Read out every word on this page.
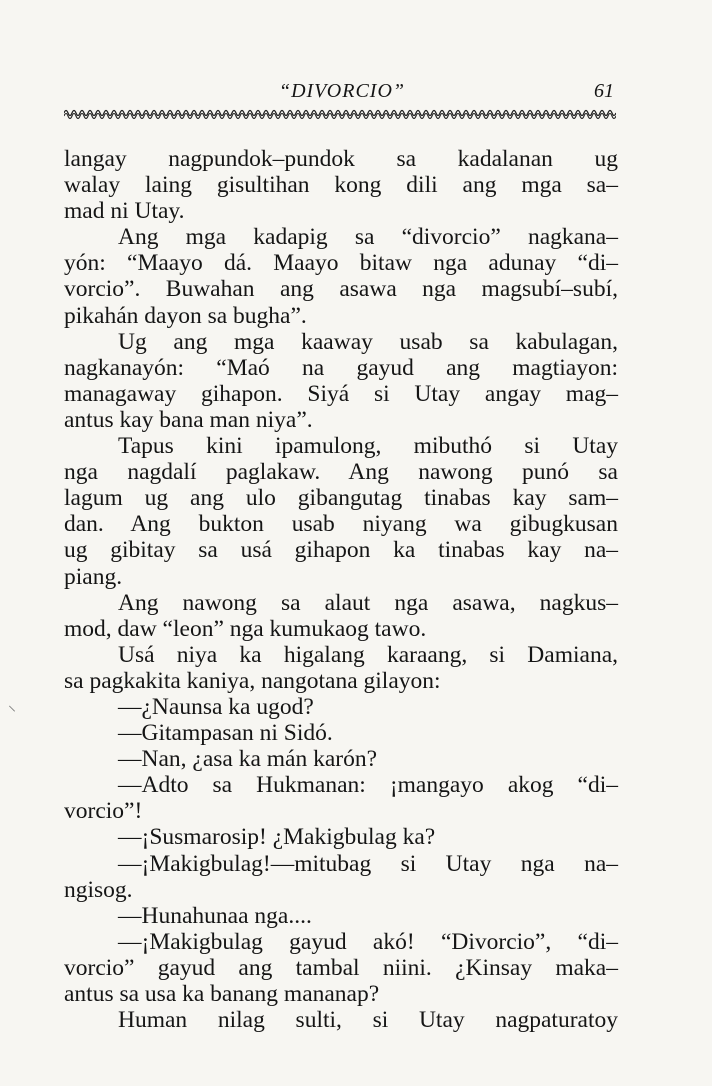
“DIVORCIO”	61
langay nagpundok–pundok sa kadalanan ug
walay laing gisultihan kong dili ang mga sa–
mad ni Utay.
Ang mga kadapig sa “divorcio” nagkana–
yón: “Maayo dá. Maayo bitaw nga adunay “di–
vorcio”. Buwahan ang asawa nga magsubí–subí,
pikahán dayon sa bugha”.
Ug ang mga kaaway usab sa kabulagan,
nagkanayón: “Maó na gayud ang magtiayon:
managaway gihapon. Siyá si Utay angay mag–
antus kay bana man niya”.
Tapus kini ipamulong, mibuthó si Utay
nga nagdalí paglakaw. Ang nawong punó sa
lagum ug ang ulo gibangutag tinabas kay sam–
dan. Ang bukton usab niyang wa gibugkusan
ug gibitay sa usá gihapon ka tinabas kay na–
piang.
Ang nawong sa alaut nga asawa, nagkus–
mod, daw “leon” nga kumukaog tawo.
Usá niya ka higalang karaang, si Damiana,
sa pagkakita kaniya, nangotana gilayon:
—¿Naunsa ka ugod?
—Gitampasan ni Sidó.
—Nan, ¿asa ka mán karón?
—Adto sa Hukmanan: ¡mangayo akog “di–
vorcio”!
—¡Susmarosip! ¿Makigbulag ka?
—¡Makigbulag!—mitubag si Utay nga na–
ngisog.
—Hunahunaa nga....
—¡Makigbulag gayud akó! “Divorcio”, “di–
vorcio” gayud ang tambal niini. ¿Kinsay maka–
antus sa usa ka banang mananap?
Human nilag sulti, si Utay nagpaturatoy
⸌
